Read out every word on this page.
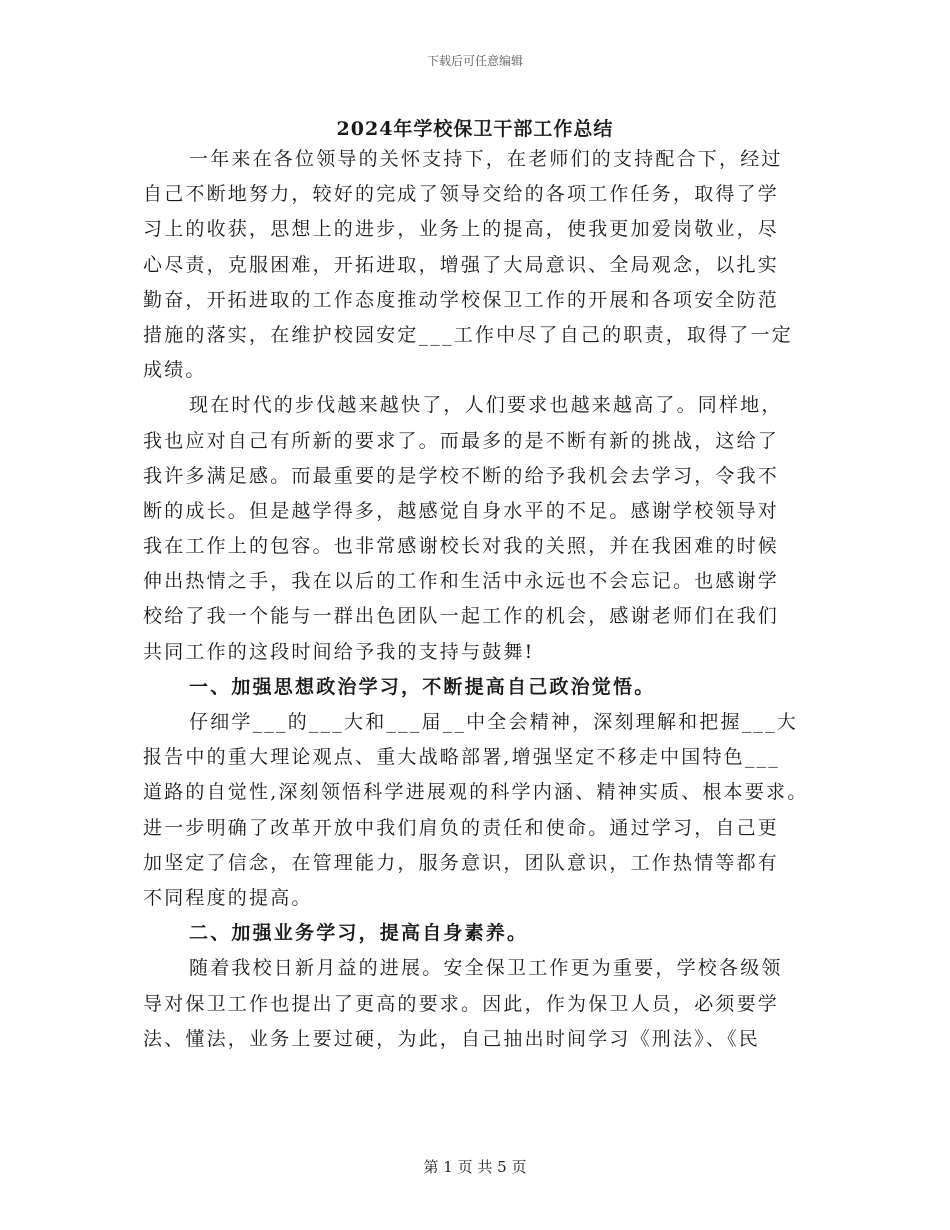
下载后可任意编辑
2024年学校保卫干部工作总结
一年来在各位领导的关怀支持下，在老师们的支持配合下，经过
自己不断地努力，较好的完成了领导交给的各项工作任务，取得了学
习上的收获，思想上的进步，业务上的提高，使我更加爱岗敬业，尽
心尽责，克服困难，开拓进取，增强了大局意识、全局观念，以扎实
勤奋，开拓进取的工作态度推动学校保卫工作的开展和各项安全防范
措施的落实，在维护校园安定___工作中尽了自己的职责，取得了一定
成绩。
现在时代的步伐越来越快了，人们要求也越来越高了。同样地，
我也应对自己有所新的要求了。而最多的是不断有新的挑战，这给了
我许多满足感。而最重要的是学校不断的给予我机会去学习，令我不
断的成长。但是越学得多，越感觉自身水平的不足。感谢学校领导对
我在工作上的包容。也非常感谢校长对我的关照，并在我困难的时候
伸出热情之手，我在以后的工作和生活中永远也不会忘记。也感谢学
校给了我一个能与一群出色团队一起工作的机会，感谢老师们在我们
共同工作的这段时间给予我的支持与鼓舞!
一、加强思想政治学习，不断提高自己政治觉悟。
仔细学___的___大和___届__中全会精神，深刻理解和把握___大
报告中的重大理论观点、重大战略部署,增强坚定不移走中国特色___
道路的自觉性,深刻领悟科学进展观的科学内涵、精神实质、根本要求。
进一步明确了改革开放中我们肩负的责任和使命。通过学习，自己更
加坚定了信念，在管理能力，服务意识，团队意识，工作热情等都有
不同程度的提高。
二、加强业务学习，提高自身素养。
随着我校日新月益的进展。安全保卫工作更为重要，学校各级领
导对保卫工作也提出了更高的要求。因此，作为保卫人员，必须要学
法、懂法，业务上要过硬，为此，自己抽出时间学习《刑法》、《民
第 1 页 共 5 页
